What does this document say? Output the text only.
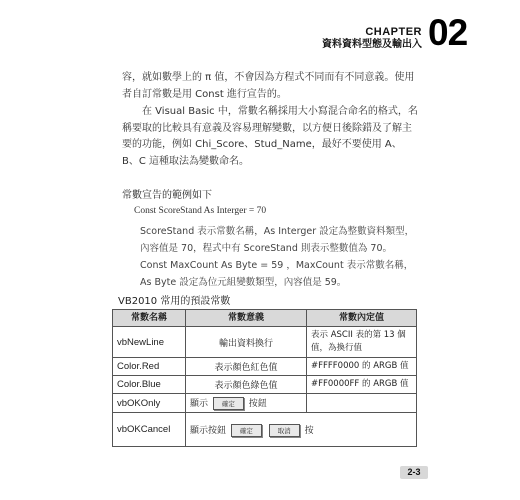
CHAPTER
資料資料型態及輸出入 02
容，就如數學上的 π 值，不會因為方程式不同而有不同意義。使用者自訂常數是用 Const 進行宣告的。
在 Visual Basic 中，常數名稱採用大小寫混合命名的格式，名稱要取的比較具有意義及容易理解變數，以方便日後除錯及了解主要的功能，例如 Chi_Score、Stud_Name，最好不要使用 A、B、C 這種取法為變數命名。
常數宣告的範例如下
Const ScoreStand As Interger = 70
ScoreStand 表示常數名稱，As Interger 設定為整數資料類型，內容值是 70，程式中有 ScoreStand 則表示整數值為 70。
Const MaxCount As Byte = 59 ，MaxCount 表示常數名稱，As Byte 設定為位元組變數類型，內容值是 59。
VB2010 常用的預設常數
常數名稱	常數意義	常數內定值
vbNewLine	輸出資料換行	表示 ASCII 表的第 13 個值，為換行值
Color.Red	表示顏色紅色值	#FFFF0000 的 ARGB 值
Color.Blue	表示顏色綠色值	#FF0000FF 的 ARGB 值
vbOKOnly	顯示 確定 按鈕	
vbOKCancel	顯示按鈕 確定 取消 按	
2-3
